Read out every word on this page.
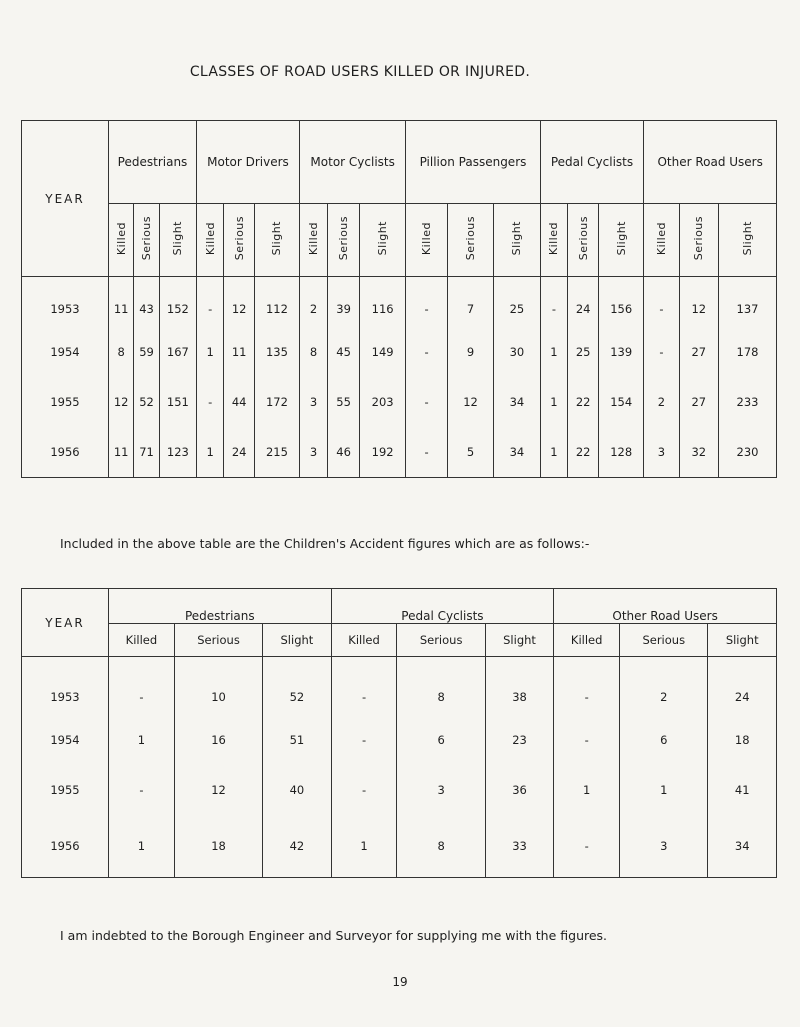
CLASSES OF ROAD USERS KILLED OR INJURED.
YEAR	Pedestrians			Motor Drivers			Motor Cyclists			Pillion Passengers			Pedal Cyclists			Other Road Users		
	Killed	Serious	Slight	Killed	Serious	Slight	Killed	Serious	Slight	Killed	Serious	Slight	Killed	Serious	Slight	Killed	Serious	Slight
1953	11	43	152	-	12	112	2	39	116	-	7	25	-	24	156	-	12	137
1954	8	59	167	1	11	135	8	45	149	-	9	30	1	25	139	-	27	178
1955	12	52	151	-	44	172	3	55	203	-	12	34	1	22	154	2	27	233
1956	11	71	123	1	24	215	3	46	192	-	5	34	1	22	128	3	32	230
Included in the above table are the Children's Accident figures which are as follows:-
YEAR	Pedestrians			Pedal Cyclists			Other Road Users		
	Killed	Serious	Slight	Killed	Serious	Slight	Killed	Serious	Slight
1953	-	10	52	-	8	38	-	2	24
1954	1	16	51	-	6	23	-	6	18
1955	-	12	40	-	3	36	1	1	41
1956	1	18	42	1	8	33	-	3	34
I am indebted to the Borough Engineer and Surveyor for supplying me with the figures.
19
